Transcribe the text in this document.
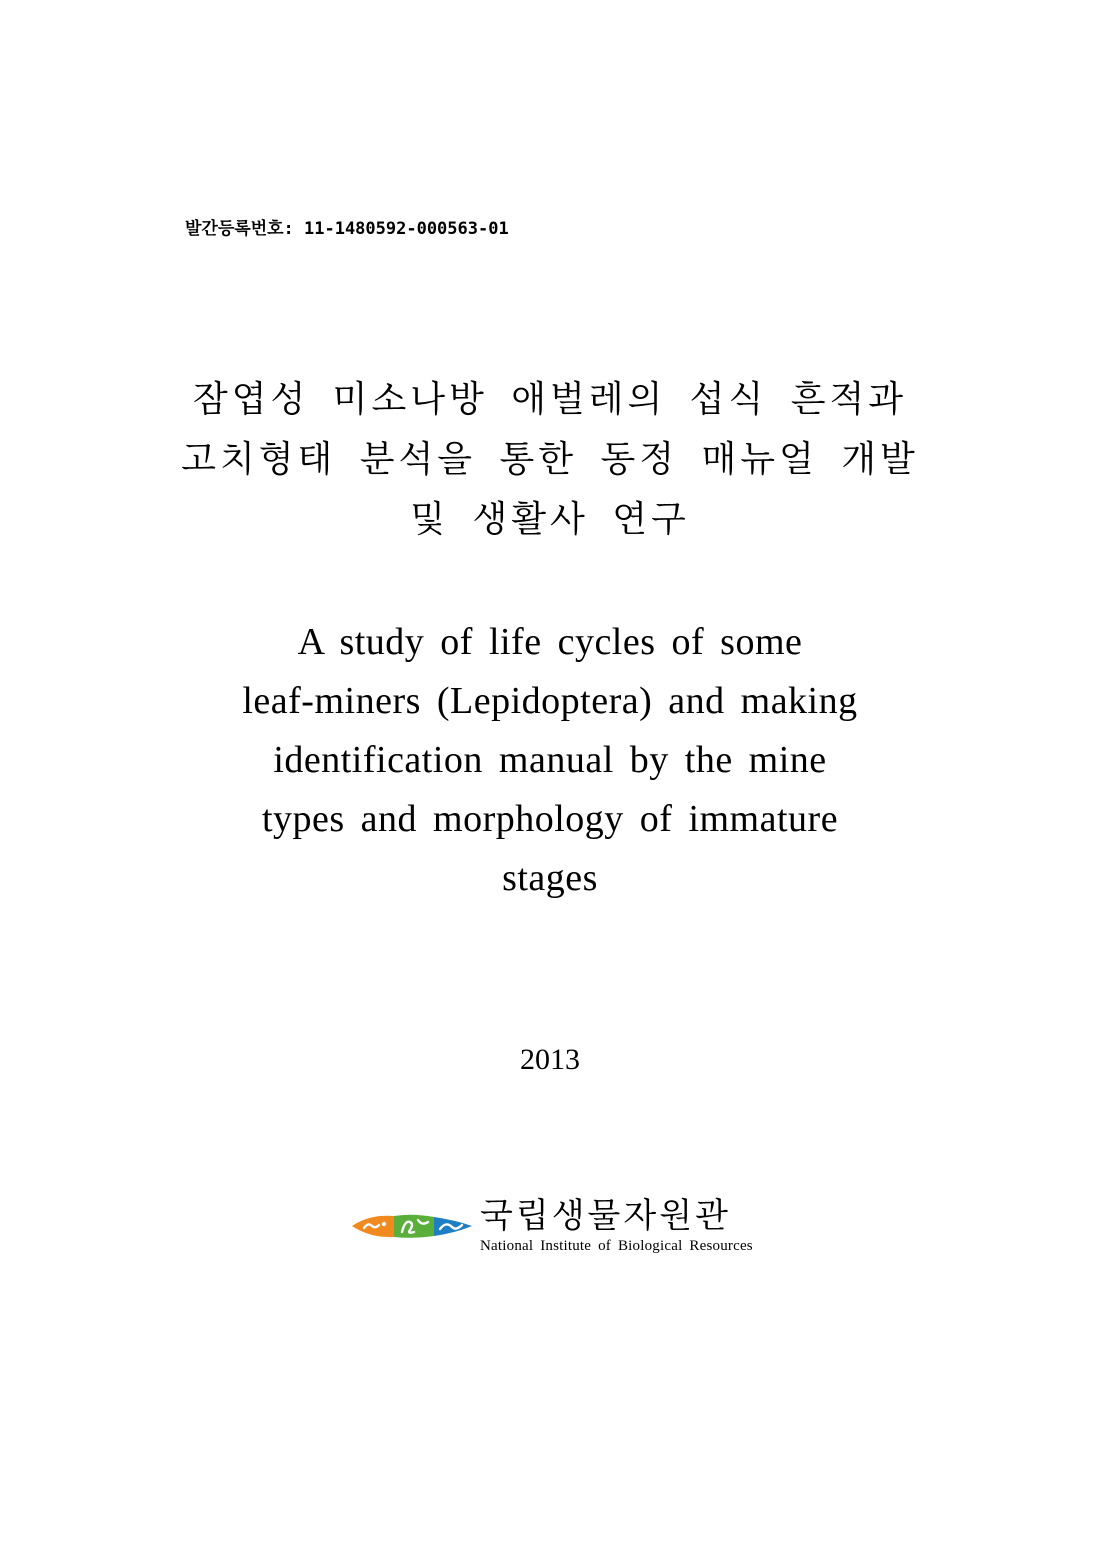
발간등록번호: 11-1480592-000563-01
잠엽성 미소나방 애벌레의 섭식 흔적과
고치형태 분석을 통한 동정 매뉴얼 개발
및 생활사 연구
A study of life cycles of some
leaf-miners (Lepidoptera) and making
identification manual by the mine
types and morphology of immature
stages
2013
국립생물자원관
National Institute of Biological Resources
